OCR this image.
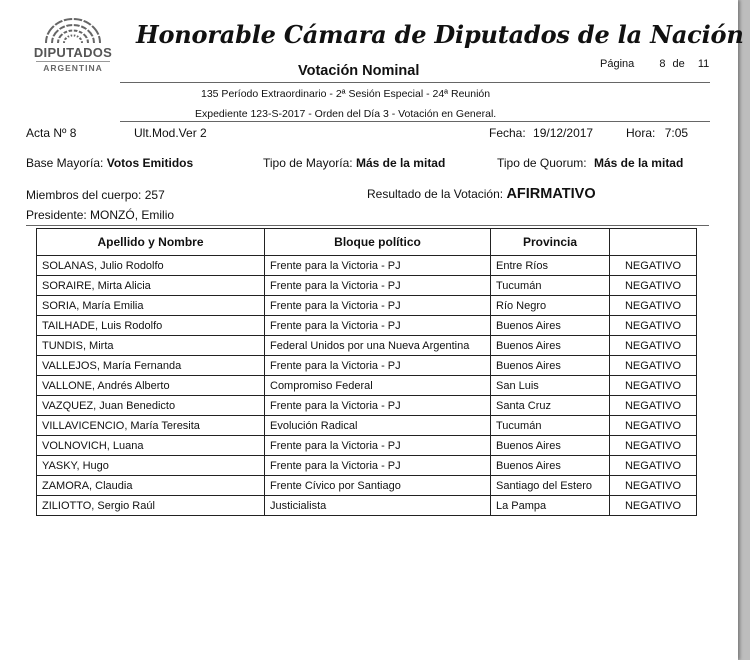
DIPUTADOS
ARGENTINA
Honorable Cámara de Diputados de la Nación
Votación Nominal	Página 8 de 11
135 Período Extraordinario - 2ª Sesión Especial - 24ª Reunión
Expediente 123-S-2017 - Orden del Día 3 - Votación en General.
Acta Nº 8	Ult.Mod.Ver 2	Fecha: 19/12/2017	Hora: 7:05
Base Mayoría: Votos Emitidos	Tipo de Mayoría: Más de la mitad	Tipo de Quorum: Más de la mitad
Miembros del cuerpo: 257	Resultado de la Votación: AFIRMATIVO
Presidente: MONZÓ, Emilio
Apellido y Nombre	Bloque político	Provincia	
SOLANAS, Julio Rodolfo	Frente para la Victoria - PJ	Entre Ríos	NEGATIVO
SORAIRE, Mirta Alicia	Frente para la Victoria - PJ	Tucumán	NEGATIVO
SORIA, María Emilia	Frente para la Victoria - PJ	Río Negro	NEGATIVO
TAILHADE, Luis Rodolfo	Frente para la Victoria - PJ	Buenos Aires	NEGATIVO
TUNDIS, Mirta	Federal Unidos por una Nueva Argentina	Buenos Aires	NEGATIVO
VALLEJOS, María Fernanda	Frente para la Victoria - PJ	Buenos Aires	NEGATIVO
VALLONE, Andrés Alberto	Compromiso Federal	San Luis	NEGATIVO
VAZQUEZ, Juan Benedicto	Frente para la Victoria - PJ	Santa Cruz	NEGATIVO
VILLAVICENCIO, María Teresita	Evolución Radical	Tucumán	NEGATIVO
VOLNOVICH, Luana	Frente para la Victoria - PJ	Buenos Aires	NEGATIVO
YASKY, Hugo	Frente para la Victoria - PJ	Buenos Aires	NEGATIVO
ZAMORA, Claudia	Frente Cívico por Santiago	Santiago del Estero	NEGATIVO
ZILIOTTO, Sergio Raúl	Justicialista	La Pampa	NEGATIVO
